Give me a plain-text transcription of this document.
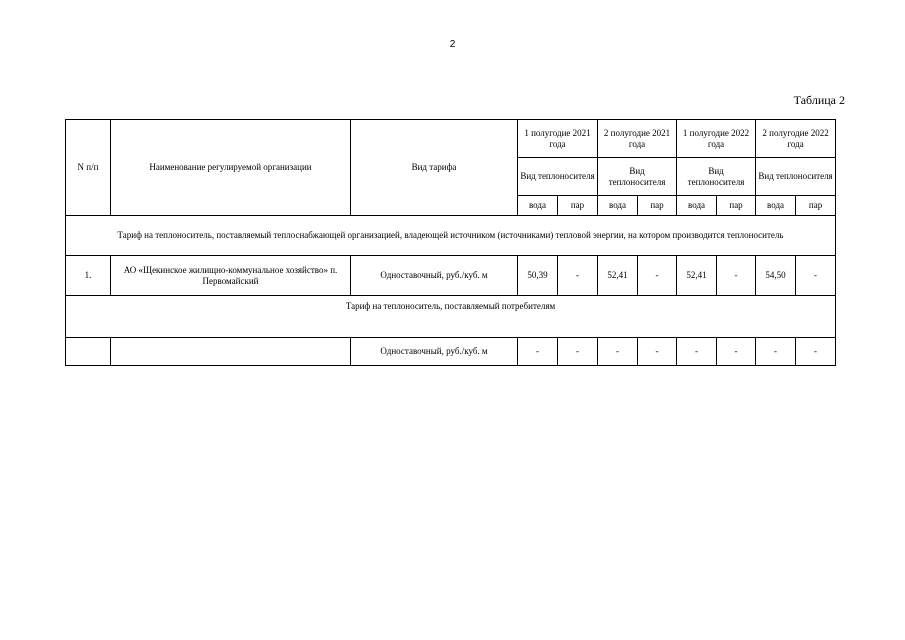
2
Таблица 2
N п/п	Наименование регулируемой организации	Вид тарифа	1 полугодие 2021 года		2 полугодие 2021 года		1 полугодие 2022 года		2 полугодие 2022 года	
			Вид теплоносителя		Вид теплоносителя		Вид теплоносителя		Вид теплоносителя	
			вода	пар	вода	пар	вода	пар	вода	пар
Тариф на теплоноситель, поставляемый теплоснабжающей организацией, владеющей источником (источниками) тепловой энергии, на котором производится теплоноситель										
1.	АО «Щекинское жилищно-коммунальное хозяйство» п. Первомайский	Одноставочный, руб./куб. м	50,39	-	52,41	-	52,41	-	54,50	-
Тариф на теплоноситель, поставляемый потребителям										
		Одноставочный, руб./куб. м	-	-	-	-	-	-	-	-
